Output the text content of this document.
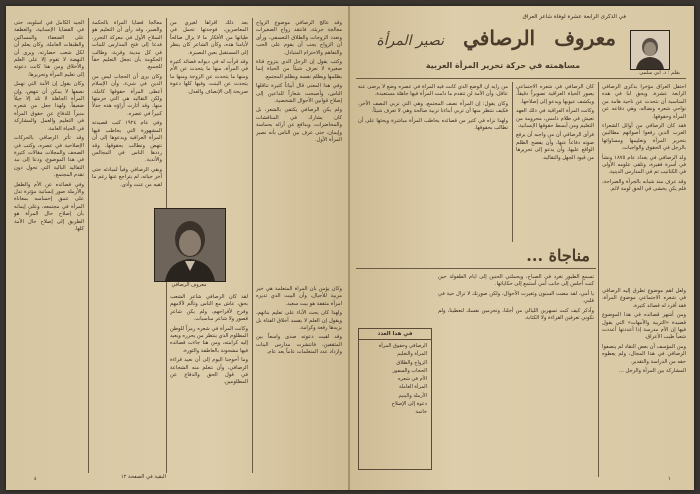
الجيد الكامل في أسلوبه، حتى في القضايا الإنسانية، والعطفة على الضعفاء والمساكين والطبقات العاملة. وكان يعلم أن لكل شعب حضارته، ويرى أن النهضة لا تقوم إلا على العلم والأخلاق ومن هنا كانت دعوته إلى تعليم المرأة وتحريرها.

وكان يقول إن الأمة التي تهمل نصفها لا يمكن أن تنهض، وإن المرأة الجاهلة لا تلد إلا جيلاً ضعيفاً. ولهذا جعل من شعره منبراً للدفاع عن حقوق المرأة في التعليم والعمل والمشاركة في الحياة العامة.

وقد تأثر الرصافي بالحركات الإصلاحية في عصره، وكتب في الصحف والمجلات مقالات كثيرة في هذا الموضوع، ودعا إلى نبذ التقاليد البالية التي تحول دون تقدم المجتمع.

وفي قصائده عن الأم والطفل والأرملة صور إنسانية مؤثرة تدل على عمق إحساسه بمعاناة المرأة في مجتمعه، وعلى إيمانه بأن إصلاح حال المرأة هو الطريق إلى إصلاح حال الأمة كلها.

معالجاً قضايا المرأة بالحكمة والصبر، وقد رأى أن التعليم هو السلاح الأول في معركة التحرر. فدعا إلى فتح المدارس للبنات في كل مدينة وقرية، وطالب الحكومة بأن تجعل التعليم حقاً للجميع.

وكان يرى أن الحجاب ليس من الدين في شيء، وأن الإسلام أعطى المرأة حقوقها كاملة، ولكن التقاليد هي التي حرمتها منها. وقد أثارت آراؤه هذه جدلاً كبيراً في عصره.

وفي عام ١٩٢٤ كتب قصيدته المشهورة التي يخاطب فيها المرأة العراقية ويدعوها إلى أن تنهض وتطالب بحقوقها، وقد رددها الناس في المجالس والأندية.

وبقي الرصافي وفياً لمبادئه حتى آخر حياته، لم يتراجع عنها رغم ما لقيه من عنت وأذى.

بعد ذلك أقرأها لغيري من المعاصرين، فوجدتها تحمل في طياتها من الأفكار ما لا يزال صالحاً لأيامنا هذه، وكأن الشاعر كان ينظر إلى المستقبل بعين البصيرة.

وقد قرأت له في ديوانه قصائد كثيرة في المرأة، منها ما يتحدث عن الأم ومنها ما يتحدث عن الزوجة ومنها ما يتحدث عن البنت، وفيها كلها دعوة صريحة إلى الإنصاف والعدل.

معروف الرصافي

لقد كان الرصافي شاعر الشعب بحق، عاش مع الناس وتألم لآلامهم وفرح لأفراحهم، ولم يكن شاعر قصور ولا شاعر مناسبات.

وكانت المرأة في شعره رمزاً للوطن المظلوم الذي ينتظر من يحرره ويعيد إليه كرامته، ومن هنا جاءت قصائده فيها مشحونة بالعاطفة والثورة.

وما أحوجنا اليوم إلى أن نعيد قراءة الرصافي، وأن نتعلم منه الشجاعة في قول الحق والدفاع عن المظلومين.

وقد عالج الرصافي موضوع الزواج معالجة جريئة، فانتقد زواج الصغيرات وتعدد الزوجات والطلاق التعسفي، ورأى أن الزواج يجب أن يقوم على الحب والتفاهم والاحترام المتبادل.

وكتب يقول إن الرجل الذي يتزوج فتاة صغيرة لا تعرف شيئاً من الحياة إنما يظلمها ويظلم نفسه ويظلم المجتمع.

وفي هذا المعنى قال أبياتاً كثيرة تناقلها الناس، وأصبحت شعاراً للداعين إلى إصلاح قوانين الأحوال الشخصية.

ولم يكن الرصافي يكتفي بالشعر، بل كان يشارك في المناقشات والمحاضرات، ويدافع عن آرائه بحماسة وإيمان، حتى عرف بين الناس بأنه نصير المرأة الأول.

وكان يؤمن بأن المرأة المتعلمة هي خير مربية للأجيال، وأن البيت الذي تديره امرأة مثقفة هو بيت سعيد.

ولهذا كان يحث الآباء على تعليم بناتهم، ويقول إن العلم لا يفسد أخلاق الفتاة بل يزيدها رفعة وكرامة.

وقد لقيت دعوته صدى واسعاً بين المثقفين، فانتشرت مدارس البنات وازداد عدد المتعلمات عاماً بعد عام.

البقية في الصفحة ١٢
٤
في الذكرى الرابعة عشرة لوفاة شاعر العراق
معروف الرصافي نصير المرأة
مساهمته في حركة تحرير المرأة العربية
بقلم : د. أبي سلمى

احتفل العراق مؤخراً بذكرى الرصافي الرابعة عشرة، ويحق لنا في هذه المناسبة أن نتحدث عن ناحية هامة من نواحي شعره ونضاله، وهي دفاعه عن المرأة وحقوقها.

فقد كان الرصافي من أوائل الشعراء العرب الذين رفعوا أصواتهم مطالبين بتحرير المرأة وتعليمها ومساواتها بالرجل في الحقوق والواجبات.

ولد الرصافي في بغداد عام ١٨٧٥ ونشأ في أسرة فقيرة، وتلقى علومه الأولى في الكتاتيب ثم في المدارس الدينية.

وقد عرف منذ شبابه بالجرأة والصراحة، فلم يكن يخشى في الحق لومة لائم.

كان الرصافي في شعره الاجتماعي يصور الحياة العراقية تصويراً دقيقاً، ويكشف عيوبها ويدعو إلى إصلاحها.

وكانت المرأة العراقية في ذلك العهد تعيش في ظلام دامس، محرومة من التعليم ومن أبسط حقوقها الإنسانية.

فرأى الرصافي أن من واجبه أن يرفع صوته دفاعاً عنها، وأن يفضح الظلم الواقع عليها، وأن يدعو إلى تحريرها من قيود الجهل والتقاليد.

من رأيه أن الوضع الذي كانت فيه المرأة في عصره وضع لا يرضى عنه عاقل، وأن الأمة لن تتقدم ما دامت المرأة فيها جاهلة مستعبدة.

وكان يقول: إن المرأة نصف المجتمع، وهي التي تربي النصف الآخر، فكيف ننتظر منها أن تربي أبناءنا تربية صالحة وهي لا تعرف شيئاً.

ولهذا نراه في كثير من قصائده يخاطب المرأة مباشرة ويحثها على أن تطالب بحقوقها.

مناجاة ...

تسمع الطيور تغرد في الصباح، ويحملني الحنين إلى أيام الطفولة حين كنت أجلس إلى جانب أمي أستمع إلى حكاياتها.

يا أمي، لقد مضت السنون وتغيرت الأحوال، ولكن صورتك لا تزال حية في قلبي.

وأذكر كيف كنت تسهرين الليالي من أجلنا، وتحرمين نفسك لتعطينا، ولم تكوني تعرفين القراءة ولا الكتابة.

في هذا العدد
الرصافي وحقوق المرأة
المرأة والتعليم
الزواج والطلاق
الحجاب والسفور
الأم في شعره
المرأة العاملة
الأرملة واليتيم
دعوة إلى الإصلاح
خاتمة

ولعل أهم موضوع تطرق إليه الرصافي في شعره الاجتماعي موضوع المرأة، فقد أفرد له قصائد كثيرة.

ومن أشهر قصائده في هذا الموضوع قصيدة «التربية والأمهات» التي يقول فيها إن الأم مدرسة إذا أعددتها أعددت شعباً طيب الأعراق.

ومن المؤسف أن بعض النقاد لم ينصفوا الرصافي في هذا المجال، ولم يعطوه حقه من الدراسة والتقدير.

المشاركة بين المرأة والرجل ...

١
